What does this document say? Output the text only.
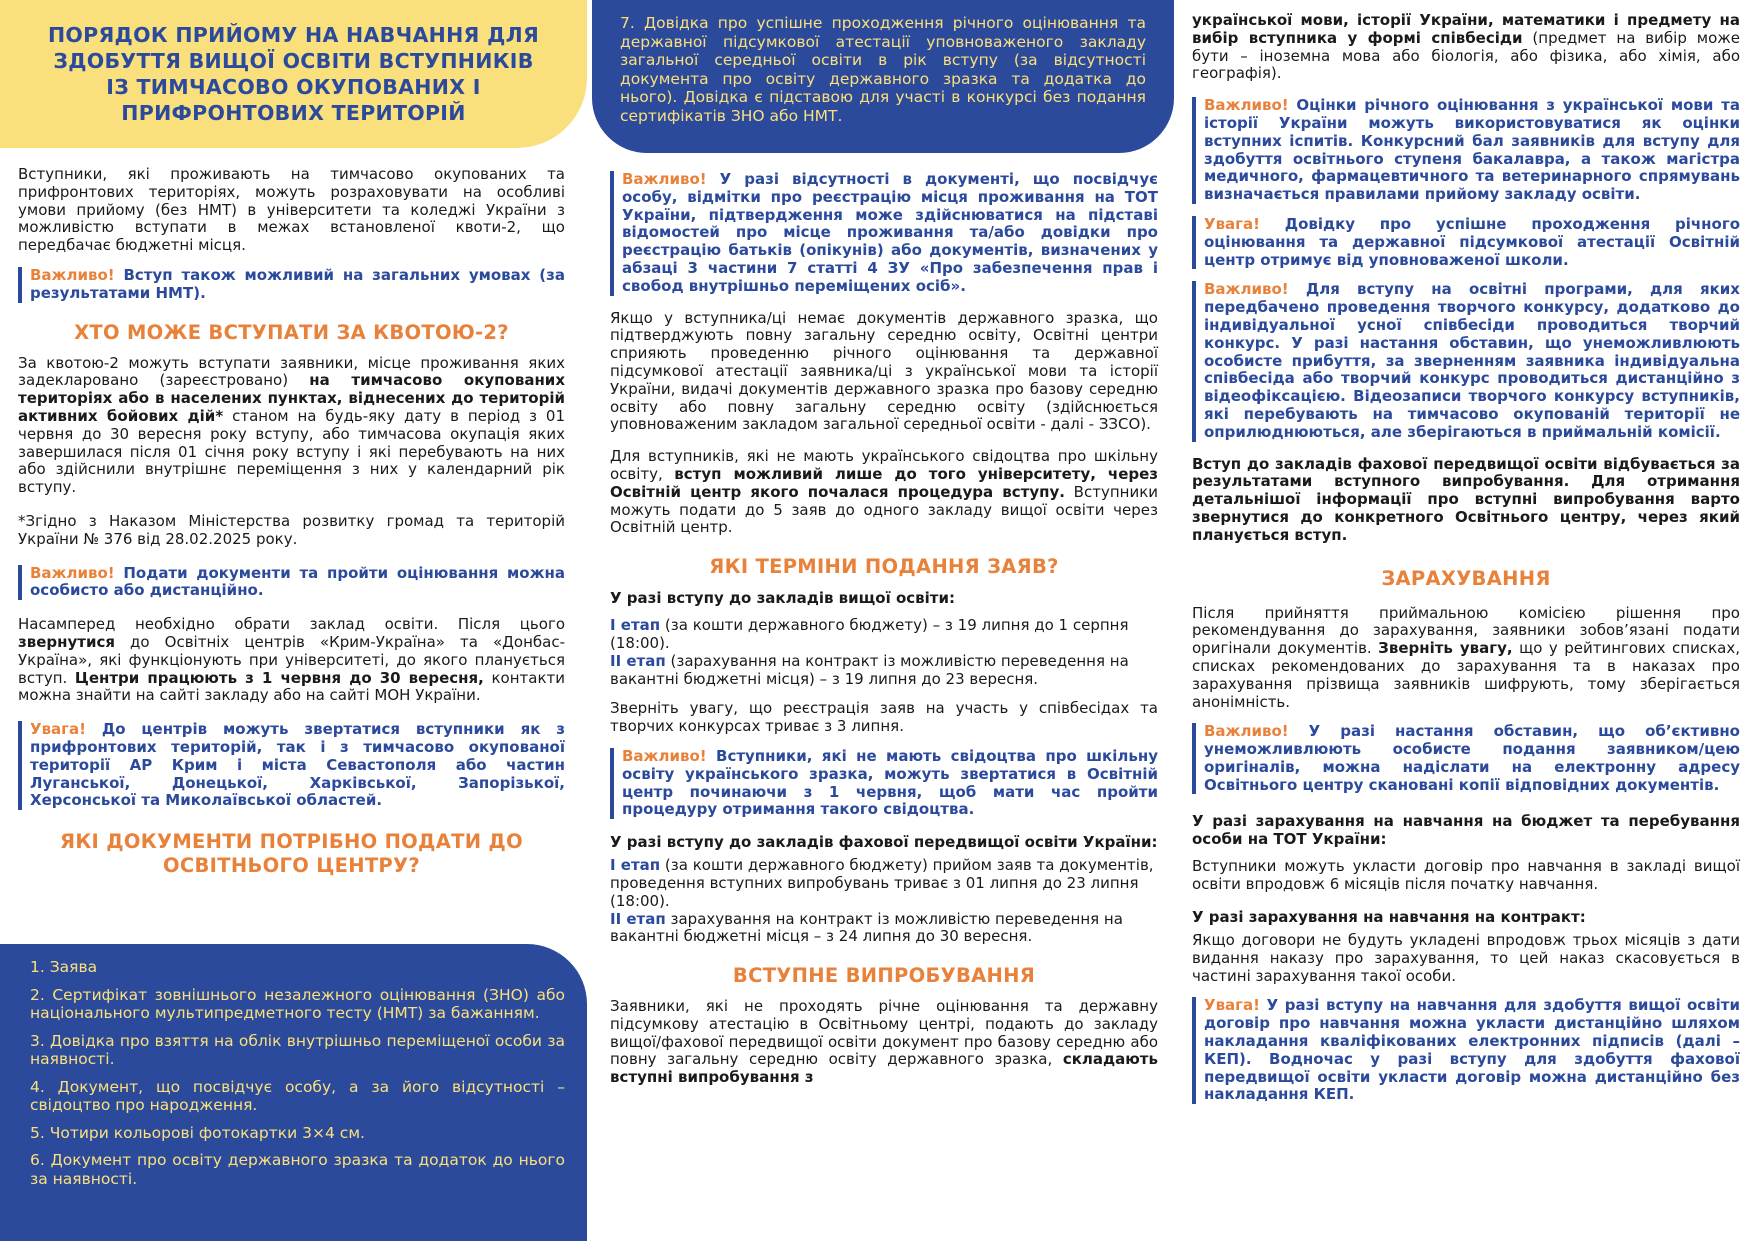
ПОРЯДОК ПРИЙОМУ НА НАВЧАННЯ ДЛЯ ЗДОБУТТЯ ВИЩОЇ ОСВІТИ ВСТУПНИКІВ ІЗ ТИМЧАСОВО ОКУПОВАНИХ І ПРИФРОНТОВИХ ТЕРИТОРІЙ

Вступники, які проживають на тимчасово окупованих та прифронтових територіях, можуть розраховувати на особливі умови прийому (без НМТ) в університети та коледжі України з можливістю вступати в межах встановленої квоти-2, що передбачає бюджетні місця.

Важливо! Вступ також можливий на загальних умовах (за результатами НМТ).

ХТО МОЖЕ ВСТУПАТИ ЗА КВОТОЮ-2?

За квотою-2 можуть вступати заявники, місце проживання яких задекларовано (зареєстровано) на тимчасово окупованих територіях або в населених пунктах, віднесених до територій активних бойових дій* станом на будь-яку дату в період з 01 червня до 30 вересня року вступу, або тимчасова окупація яких завершилася після 01 січня року вступу і які перебувають на них або здійснили внутрішнє переміщення з них у календарний рік вступу.

*Згідно з Наказом Міністерства розвитку громад та територій України № 376 від 28.02.2025 року.

Важливо! Подати документи та пройти оцінювання можна особисто або дистанційно.

Насамперед необхідно обрати заклад освіти. Після цього звернутися до Освітніх центрів «Крим-Україна» та «Донбас-Україна», які функціонують при університеті, до якого планується вступ. Центри працюють з 1 червня до 30 вересня, контакти можна знайти на сайті закладу або на сайті МОН України.

Увага! До центрів можуть звертатися вступники як з прифронтових територій, так і з тимчасово окупованої території АР Крим і міста Севастополя або частин Луганської, Донецької, Харківської, Запорізької, Херсонської та Миколаївської областей.

ЯКІ ДОКУМЕНТИ ПОТРІБНО ПОДАТИ ДО ОСВІТНЬОГО ЦЕНТРУ?

1. Заява

2. Сертифікат зовнішнього незалежного оцінювання (ЗНО) або національного мультипредметного тесту (НМТ) за бажанням.

3. Довідка про взяття на облік внутрішньо переміщеної особи за наявності.

4. Документ, що посвідчує особу, а за його відсутності – свідоцтво про народження.

5. Чотири кольорові фотокартки 3×4 см.

6. Документ про освіту державного зразка та додаток до нього за наявності.

7. Довідка про успішне проходження річного оцінювання та державної підсумкової атестації уповноваженого закладу загальної середньої освіти в рік вступу (за відсутності документа про освіту державного зразка та додатка до нього). Довідка є підставою для участі в конкурсі без подання сертифікатів ЗНО або НМТ.

Важливо! У разі відсутності в документі, що посвідчує особу, відмітки про реєстрацію місця проживання на ТОТ України, підтвердження може здійснюватися на підставі відомостей про місце проживання та/або довідки про реєстрацію батьків (опікунів) або документів, визначених у абзаці 3 частини 7 статті 4 ЗУ «Про забезпечення прав і свобод внутрішньо переміщених осіб».

Якщо у вступника/ці немає документів державного зразка, що підтверджують повну загальну середню освіту, Освітні центри сприяють проведенню річного оцінювання та державної підсумкової атестації заявника/ці з української мови та історії України, видачі документів державного зразка про базову середню освіту або повну загальну середню освіту (здійснюється уповноваженим закладом загальної середньої освіти - далі - ЗЗСО).

Для вступників, які не мають українського свідоцтва про шкільну освіту, вступ можливий лише до того університету, через Освітній центр якого почалася процедура вступу. Вступники можуть подати до 5 заяв до одного закладу вищої освіти через Освітній центр.

ЯКІ ТЕРМІНИ ПОДАННЯ ЗАЯВ?

У разі вступу до закладів вищої освіти:

I етап (за кошти державного бюджету) – з 19 липня до 1 серпня (18:00).

II етап (зарахування на контракт із можливістю переведення на вакантні бюджетні місця) – з 19 липня до 23 вересня.

Зверніть увагу, що реєстрація заяв на участь у співбесідах та творчих конкурсах триває з 3 липня.

Важливо! Вступники, які не мають свідоцтва про шкільну освіту українського зразка, можуть звертатися в Освітній центр починаючи з 1 червня, щоб мати час пройти процедуру отримання такого свідоцтва.

У разі вступу до закладів фахової передвищої освіти України:

I етап (за кошти державного бюджету) прийом заяв та документів, проведення вступних випробувань триває з 01 липня до 23 липня (18:00).

II етап зарахування на контракт із можливістю переведення на вакантні бюджетні місця – з 24 липня до 30 вересня.

ВСТУПНЕ ВИПРОБУВАННЯ

Заявники, які не проходять річне оцінювання та державну підсумкову атестацію в Освітньому центрі, подають до закладу вищої/фахової передвищої освіти документ про базову середню або повну загальну середню освіту державного зразка, складають вступні випробування з

української мови, історії України, математики і предмету на вибір вступника у формі співбесіди (предмет на вибір може бути – іноземна мова або біологія, або фізика, або хімія, або географія).

Важливо! Оцінки річного оцінювання з української мови та історії України можуть використовуватися як оцінки вступних іспитів. Конкурсний бал заявників для вступу для здобуття освітнього ступеня бакалавра, а також магістра медичного, фармацевтичного та ветеринарного спрямувань визначається правилами прийому закладу освіти.

Увага! Довідку про успішне проходження річного оцінювання та державної підсумкової атестації Освітній центр отримує від уповноваженої школи.

Важливо! Для вступу на освітні програми, для яких передбачено проведення творчого конкурсу, додатково до індивідуальної усної співбесіди проводиться творчий конкурс. У разі настання обставин, що унеможливлюють особисте прибуття, за зверненням заявника індивідуальна співбесіда або творчий конкурс проводиться дистанційно з відеофіксацією. Відеозаписи творчого конкурсу вступників, які перебувають на тимчасово окупованій території не оприлюднюються, але зберігаються в приймальній комісії.

Вступ до закладів фахової передвищої освіти відбувається за результатами вступного випробування. Для отримання детальнішої інформації про вступні випробування варто звернутися до конкретного Освітнього центру, через який планується вступ.

ЗАРАХУВАННЯ

Після прийняття приймальною комісією рішення про рекомендування до зарахування, заявники зобов’язані подати оригінали документів. Зверніть увагу, що у рейтингових списках, списках рекомендованих до зарахування та в наказах про зарахування прізвища заявників шифрують, тому зберігається анонімність.

Важливо! У разі настання обставин, що об’єктивно унеможливлюють особисте подання заявником/цею оригіналів, можна надіслати на електронну адресу Освітнього центру скановані копії відповідних документів.

У разі зарахування на навчання на бюджет та перебування особи на ТОТ України:

Вступники можуть укласти договір про навчання в закладі вищої освіти впродовж 6 місяців після початку навчання.

У разі зарахування на навчання на контракт:

Якщо договори не будуть укладені впродовж трьох місяців з дати видання наказу про зарахування, то цей наказ скасовується в частині зарахування такої особи.

Увага! У разі вступу на навчання для здобуття вищої освіти договір про навчання можна укласти дистанційно шляхом накладання кваліфікованих електронних підписів (далі – КЕП). Водночас у разі вступу для здобуття фахової передвищої освіти укласти договір можна дистанційно без накладання КЕП.
